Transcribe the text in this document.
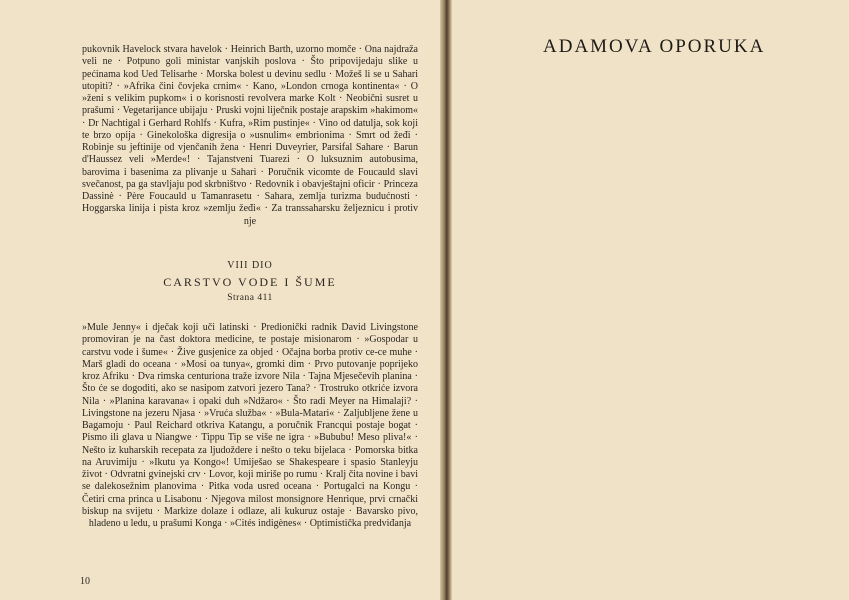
pukovnik Havelock stvara havelok · Heinrich Barth, uzorno momče · Ona najdraža veli ne · Potpuno goli ministar vanjskih poslova · Što pripovijedaju slike u pećinama kod Ued Telisarhe · Morska bolest u devinu sedlu · Možeš li se u Sahari utopiti? · »Afrika čini čovjeka crnim« · Kano, »London crnoga kontinenta« · O »ženi s velikim pupkom« i o korisnosti revolvera marke Kolt · Neobični susret u prašumi · Vegetarijance ubijaju · Pruski vojni liječnik postaje arapskim »hakimom« · Dr Nachtigal i Gerhard Rohlfs · Kufra, »Rim pustinje« · Vino od datulja, sok koji te brzo opija · Ginekološka digresija o »usnulim« embrionima · Smrt od žeđi · Robinje su jeftinije od vjenčanih žena · Henri Duveyrier, Parsifal Sahare · Barun d'Haussez veli »Merde«! · Tajanstveni Tuarezi · O luksuznim autobusima, barovima i basenima za plivanje u Sahari · Poručnik vicomte de Foucauld slavi svečanost, pa ga stavljaju pod skrbništvo · Redovnik i obavještajni oficir · Princeza Dassinė · Père Foucauld u Tamanrasetu · Sahara, zemlja turizma budućnosti · Hoggarska linija i pista kroz »zemlju žeđi« · Za transsaharsku željeznicu i protiv nje

VIII DIO
CARSTVO VODE I ŠUME
Strana 411

»Mule Jenny« i dječak koji uči latinski · Predionički radnik David Livingstone promoviran je na čast doktora medicine, te postaje misionarom · »Gospodar u carstvu vode i šume« · Žive gusjenice za objed · Očajna borba protiv ce-ce muhe · Marš gladi do oceana · »Mosi oa tunya«, gromki dim · Prvo putovanje poprijeko kroz Afriku · Dva rimska centuriona traže izvore Nila · Tajna Mjesečevih planina · Što će se dogoditi, ako se nasipom zatvori jezero Tana? · Trostruko otkriće izvora Nila · »Planina karavana« i opaki duh »Ndžaro« · Što radi Meyer na Himalaji? · Livingstone na jezeru Njasa · »Vruća služba« · »Bula-Matari« · Zaljubljene žene u Bagamoju · Paul Reichard otkriva Katangu, a poručnik Francqui postaje bogat · Pismo ili glava u Niangwe · Tippu Tip se više ne igra · »Bububu! Meso pliva!« · Nešto iz kuharskih recepata za ljudoždere i nešto o teku bijelaca · Pomorska bitka na Aruvimiju · »Ikutu ya Kongo«! Umiješao se Shakespeare i spasio Stanleyju život · Odvratni gvinejski crv · Lovor, koji miriše po rumu · Kralj čita novine i bavi se dalekosežnim planovima · Pitka voda usred oceana · Portugalci na Kongu · Četiri crna princa u Lisabonu · Njegova milost monsignore Henrique, prvi crnački biskup na svijetu · Markize dolaze i odlaze, ali kukuruz ostaje · Bavarsko pivo, hladeno u ledu, u prašumi Konga · »Cités indigènes« · Optimistička predviđanja

10
ADAMOVA OPORUKA
